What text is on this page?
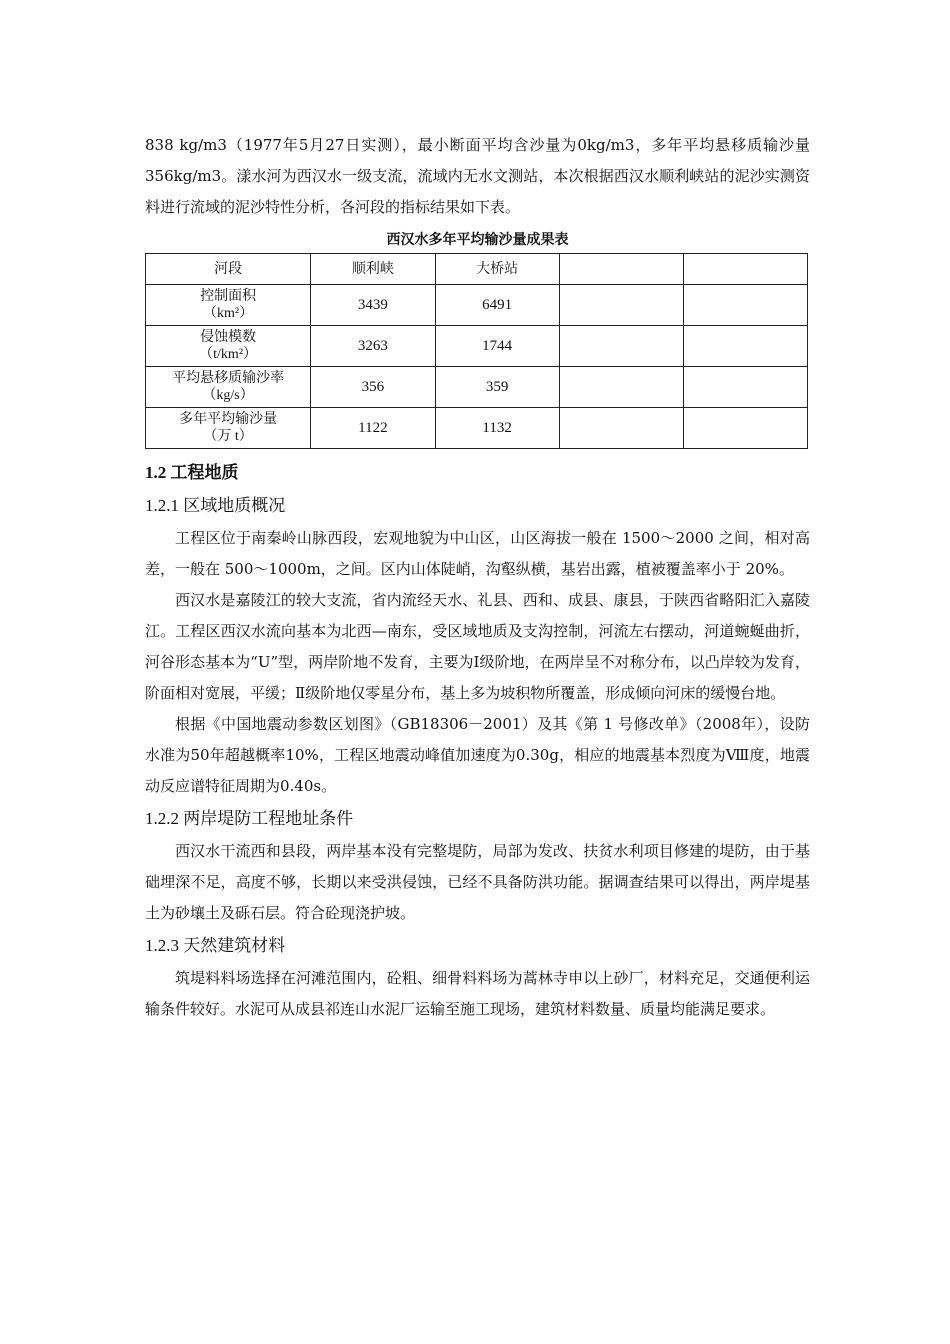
838 kg/m3（1977年5月27日实测），最小断面平均含沙量为0kg/m3，多年平均悬移质输沙量 356kg/m3。漾水河为西汉水一级支流，流域内无水文测站，本次根据西汉水顺利峡站的泥沙实测资料进行流域的泥沙特性分析，各河段的指标结果如下表。

西汉水多年平均输沙量成果表
河段	顺利峡	大桥站		
控制面积
（km²）	3439	6491		
侵蚀模数
（t/km²）	3263	1744		
平均悬移质输沙率
（kg/s）	356	359		
多年平均输沙量
（万 t）	1122	1132		
1.2 工程地质
1.2.1 区域地质概况

工程区位于南秦岭山脉西段，宏观地貌为中山区，山区海拔一般在 1500～2000 之间，相对高差，一般在 500～1000m，之间。区内山体陡峭，沟壑纵横，基岩出露，植被覆盖率小于 20%。

西汉水是嘉陵江的较大支流，省内流经天水、礼县、西和、成县、康县，于陕西省略阳汇入嘉陵江。工程区西汉水流向基本为北西—南东，受区域地质及支沟控制，河流左右摆动，河道蜿蜒曲折，河谷形态基本为“U”型，两岸阶地不发育，主要为Ⅰ级阶地，在两岸呈不对称分布，以凸岸较为发育，阶面相对宽展，平缓；Ⅱ级阶地仅零星分布，基上多为坡积物所覆盖，形成倾向河床的缓慢台地。

根据《中国地震动参数区划图》（GB18306－2001）及其《第 1 号修改单》（2008年），设防水准为50年超越概率10%，工程区地震动峰值加速度为0.30g，相应的地震基本烈度为Ⅷ度，地震动反应谱特征周期为0.40s。

1.2.2 两岸堤防工程地址条件

西汉水干流西和县段，两岸基本没有完整堤防，局部为发改、扶贫水利项目修建的堤防，由于基础埋深不足，高度不够，长期以来受洪侵蚀，已经不具备防洪功能。据调查结果可以得出，两岸堤基土为砂壤土及砾石层。符合砼现浇护坡。

1.2.3 天然建筑材料

筑堤料料场选择在河滩范围内，砼粗、细骨料料场为蒿林寺申以上砂厂，材料充足，交通便利运输条件较好。水泥可从成县祁连山水泥厂运输至施工现场，建筑材料数量、质量均能满足要求。
